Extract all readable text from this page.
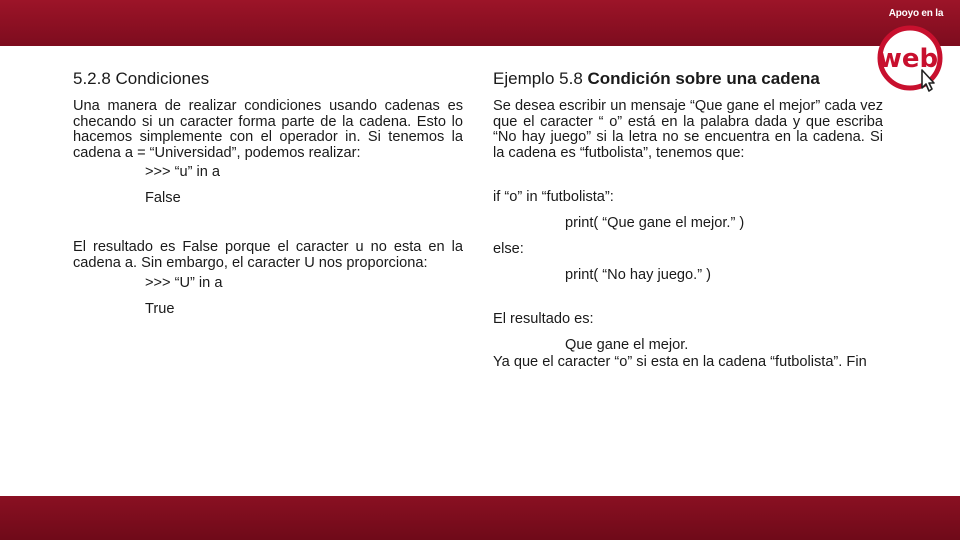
web
Apoyo en la

5.2.8 Condiciones

Una manera de realizar condiciones usando cadenas es checando si un caracter forma parte de la cadena. Esto lo hacemos simplemente con el operador in. Si tenemos la cadena a = “Universidad”, podemos realizar:

>>> “u” in a

False

El resultado es False porque el caracter u no esta en la cadena a. Sin embargo, el caracter U nos proporciona:

>>> “U” in a

True

Ejemplo 5.8 Condición sobre una cadena

Se desea escribir un mensaje “Que gane el mejor” cada vez que el caracter “ o” está en la palabra dada y que escriba “No hay juego” si la letra no se encuentra en la cadena. Si la cadena es “futbolista”, tenemos que:

if “o” in “futbolista”:

print( “Que gane el mejor.” )

else:

print( “No hay juego.” )

El resultado es:

Que gane el mejor.

Ya que el caracter “o” si esta en la cadena “futbolista”. Fin
